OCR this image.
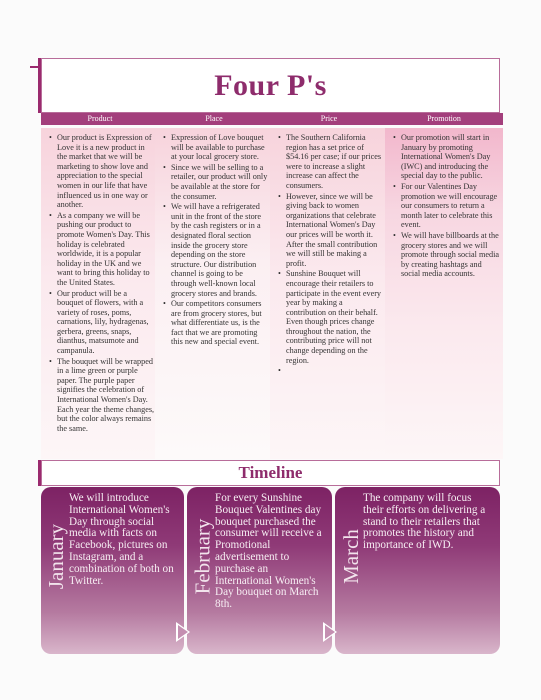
Four P's
Product
• Our product is Expression of Love it is a new product in the market that we will be marketing to show love and appreciation to the special women in our life that have influenced us in one way or another.
• As a company we will be pushing our product to promote Women's Day. This holiday is celebrated worldwide, it is a popular holiday in the UK and we want to bring this holiday to the United States.
• Our product will be a bouquet of flowers, with a variety of roses, poms, carnations, lily, hydragenas, gerbera, greens, snaps, dianthus, matsumote and campanula.
• The bouquet will be wrapped in a lime green or purple paper. The purple paper signifies the celebration of International Women's Day. Each year the theme changes, but the color always remains the same.
Place
• Expression of Love bouquet will be available to purchase at your local grocery store.
• Since we will be selling to a retailer, our product will only be available at the store for the consumer.
• We will have a refrigerated unit in the front of the store by the cash registers or in a designated floral section inside the grocery store depending on the store structure. Our distribution channel is going to be through well-known local grocery stores and brands.
• Our competitors consumers are from grocery stores, but what differentiate us, is the fact that we are promoting this new and special event.
Price
• The Southern California region has a set price of $54.16 per case; if our prices were to increase a slight increase can affect the consumers.
• However, since we will be giving back to women organizations that celebrate International Women's Day our prices will be worth it. After the small contribution we will still be making a profit.
• Sunshine Bouquet will encourage their retailers to participate in the event every year by making a contribution on their behalf. Even though prices change throughout the nation, the contributing price will not change depending on the region.
Promotion
• Our promotion will start in January by promoting International Women's Day (IWC) and introducing the special day to the public.
• For our Valentines Day promotion we will encourage our consumers to return a month later to celebrate this event.
• We will have billboards at the grocery stores and we will promote through social media by creating hashtags and social media accounts.
Timeline
January
We will introduce International Women's Day through social media with facts on Facebook, pictures on Instagram, and a combination of both on Twitter.	February
For every Sunshine Bouquet Valentines day bouquet purchased the consumer will receive a Promotional advertisement to purchase an International Women's Day bouquet on March 8th.
March
The company will focus their efforts on delivering a stand to their retailers that promotes the history and importance of IWD.
